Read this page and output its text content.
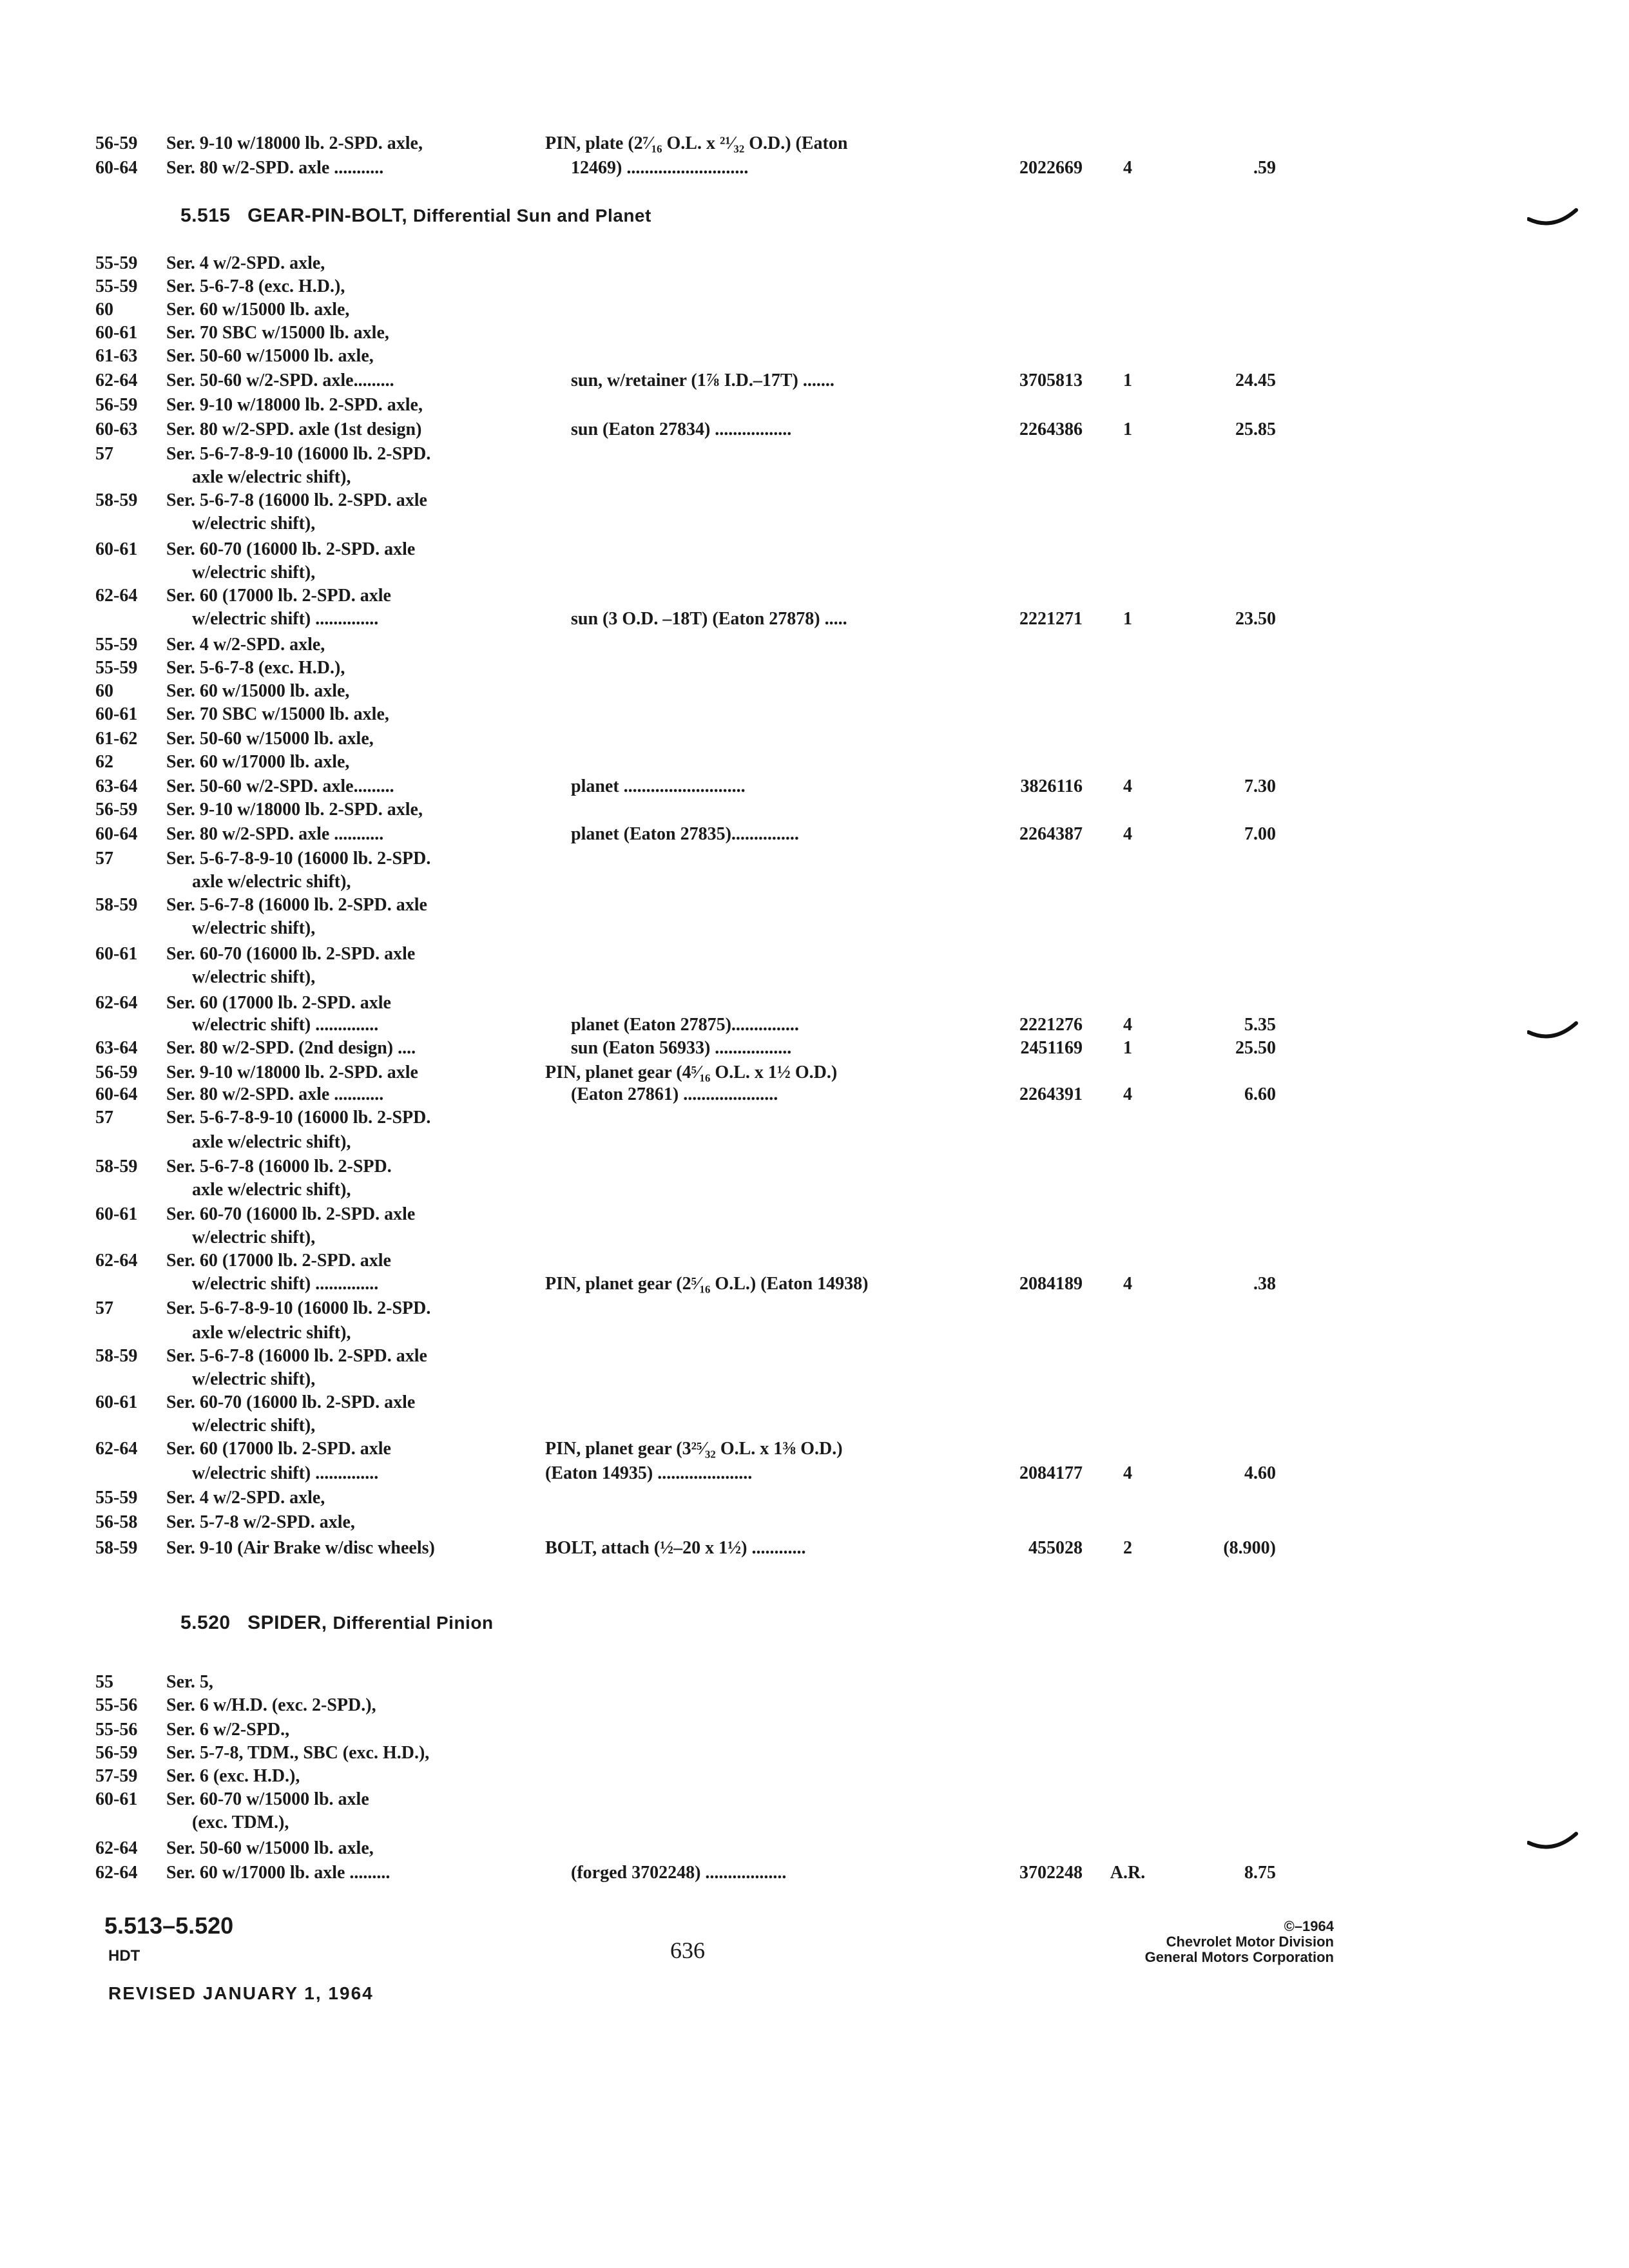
5.515 GEAR-PIN-BOLT, Differential Sun and Planet
5.520 SPIDER, Differential Pinion
56-59	Ser. 9-10 w/18000 lb. 2-SPD. axle,	PIN, plate (2⁷⁄₁₆ O.L. x ²¹⁄₃₂ O.D.) (Eaton
60-64	Ser. 80 w/2-SPD. axle ...........	12469) ...........................	2022669	4	.59
55-59	Ser. 4 w/2-SPD. axle,
55-59	Ser. 5-6-7-8 (exc. H.D.),
60	Ser. 60 w/15000 lb. axle,
60-61	Ser. 70 SBC w/15000 lb. axle,
61-63	Ser. 50-60 w/15000 lb. axle,
62-64	Ser. 50-60 w/2-SPD. axle.........	sun, w/retainer (1⅞ I.D.–17T) .......	3705813	1	24.45
56-59	Ser. 9-10 w/18000 lb. 2-SPD. axle,
60-63	Ser. 80 w/2-SPD. axle (1st design)	sun (Eaton 27834) .................	2264386	1	25.85
57	Ser. 5-6-7-8-9-10 (16000 lb. 2-SPD.
axle w/electric shift),
58-59	Ser. 5-6-7-8 (16000 lb. 2-SPD. axle
w/electric shift),
60-61	Ser. 60-70 (16000 lb. 2-SPD. axle
w/electric shift),
62-64	Ser. 60 (17000 lb. 2-SPD. axle
w/electric shift) ..............	sun (3 O.D. –18T) (Eaton 27878) .....	2221271	1	23.50
55-59	Ser. 4 w/2-SPD. axle,
55-59	Ser. 5-6-7-8 (exc. H.D.),
60	Ser. 60 w/15000 lb. axle,
60-61	Ser. 70 SBC w/15000 lb. axle,
61-62	Ser. 50-60 w/15000 lb. axle,
62	Ser. 60 w/17000 lb. axle,
63-64	Ser. 50-60 w/2-SPD. axle.........	planet ...........................	3826116	4	7.30
56-59	Ser. 9-10 w/18000 lb. 2-SPD. axle,
60-64	Ser. 80 w/2-SPD. axle ...........	planet (Eaton 27835)...............	2264387	4	7.00
57	Ser. 5-6-7-8-9-10 (16000 lb. 2-SPD.
axle w/electric shift),
58-59	Ser. 5-6-7-8 (16000 lb. 2-SPD. axle
w/electric shift),
60-61	Ser. 60-70 (16000 lb. 2-SPD. axle
w/electric shift),
62-64	Ser. 60 (17000 lb. 2-SPD. axle
w/electric shift) ..............	planet (Eaton 27875)...............	2221276	4	5.35
63-64	Ser. 80 w/2-SPD. (2nd design) ....	sun (Eaton 56933) .................	2451169	1	25.50
56-59	Ser. 9-10 w/18000 lb. 2-SPD. axle	PIN, planet gear (4⁵⁄₁₆ O.L. x 1½ O.D.)
60-64	Ser. 80 w/2-SPD. axle ...........	(Eaton 27861) .....................	2264391	4	6.60
57	Ser. 5-6-7-8-9-10 (16000 lb. 2-SPD.
axle w/electric shift),
58-59	Ser. 5-6-7-8 (16000 lb. 2-SPD.
axle w/electric shift),
60-61	Ser. 60-70 (16000 lb. 2-SPD. axle
w/electric shift),
62-64	Ser. 60 (17000 lb. 2-SPD. axle
w/electric shift) ..............	PIN, planet gear (2⁵⁄₁₆ O.L.) (Eaton 14938)	2084189	4	.38
57	Ser. 5-6-7-8-9-10 (16000 lb. 2-SPD.
axle w/electric shift),
58-59	Ser. 5-6-7-8 (16000 lb. 2-SPD. axle
w/electric shift),
60-61	Ser. 60-70 (16000 lb. 2-SPD. axle
w/electric shift),
62-64	Ser. 60 (17000 lb. 2-SPD. axle	PIN, planet gear (3²⁵⁄₃₂ O.L. x 1⅜ O.D.)
w/electric shift) ..............	(Eaton 14935) .....................	2084177	4	4.60
55-59	Ser. 4 w/2-SPD. axle,
56-58	Ser. 5-7-8 w/2-SPD. axle,
58-59	Ser. 9-10 (Air Brake w/disc wheels)	BOLT, attach (½–20 x 1½) ............	455028	2	(8.900)
55	Ser. 5,
55-56	Ser. 6 w/H.D. (exc. 2-SPD.),
55-56	Ser. 6 w/2-SPD.,
56-59	Ser. 5-7-8, TDM., SBC (exc. H.D.),
57-59	Ser. 6 (exc. H.D.),
60-61	Ser. 60-70 w/15000 lb. axle
(exc. TDM.),
62-64	Ser. 50-60 w/15000 lb. axle,
62-64	Ser. 60 w/17000 lb. axle .........	(forged 3702248) ..................	3702248	A.R.	8.75
5.513–5.520
HDT
REVISED JANUARY 1, 1964
636
©–1964
Chevrolet Motor Division
General Motors Corporation
